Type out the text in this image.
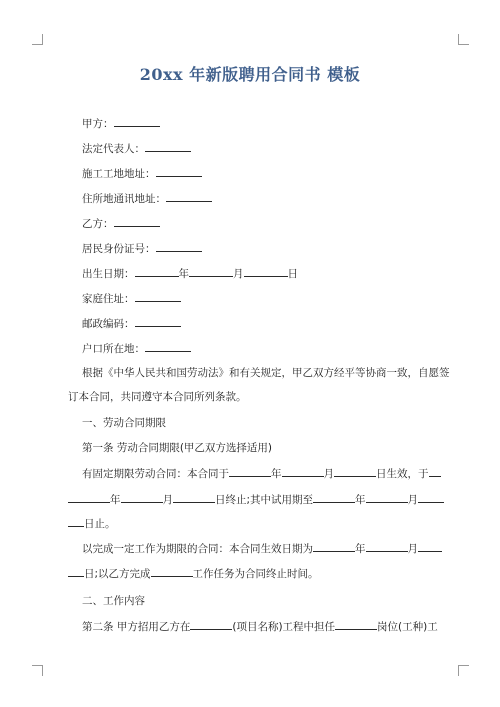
20xx 年新版聘用合同书 模板
甲方：
法定代表人：
施工工地地址：
住所地通讯地址：
乙方：
居民身份证号：
出生日期：	年	月	日
家庭住址：
邮政编码：
户口所在地：
根据《中华人民共和国劳动法》和有关规定，甲乙双方经平等协商一致，自愿签
订本合同，共同遵守本合同所列条款。
一、劳动合同期限
第一条 劳动合同期限(甲乙双方选择适用)
有固定期限劳动合同：本合同于	年	月	日生效，于
年	月	日终止;其中试用期至	年	月
日止。
以完成一定工作为期限的合同：本合同生效日期为	年	月
日;以乙方完成	工作任务为合同终止时间。
二、工作内容
第二条 甲方招用乙方在	(项目名称)工程中担任	岗位(工种)工
